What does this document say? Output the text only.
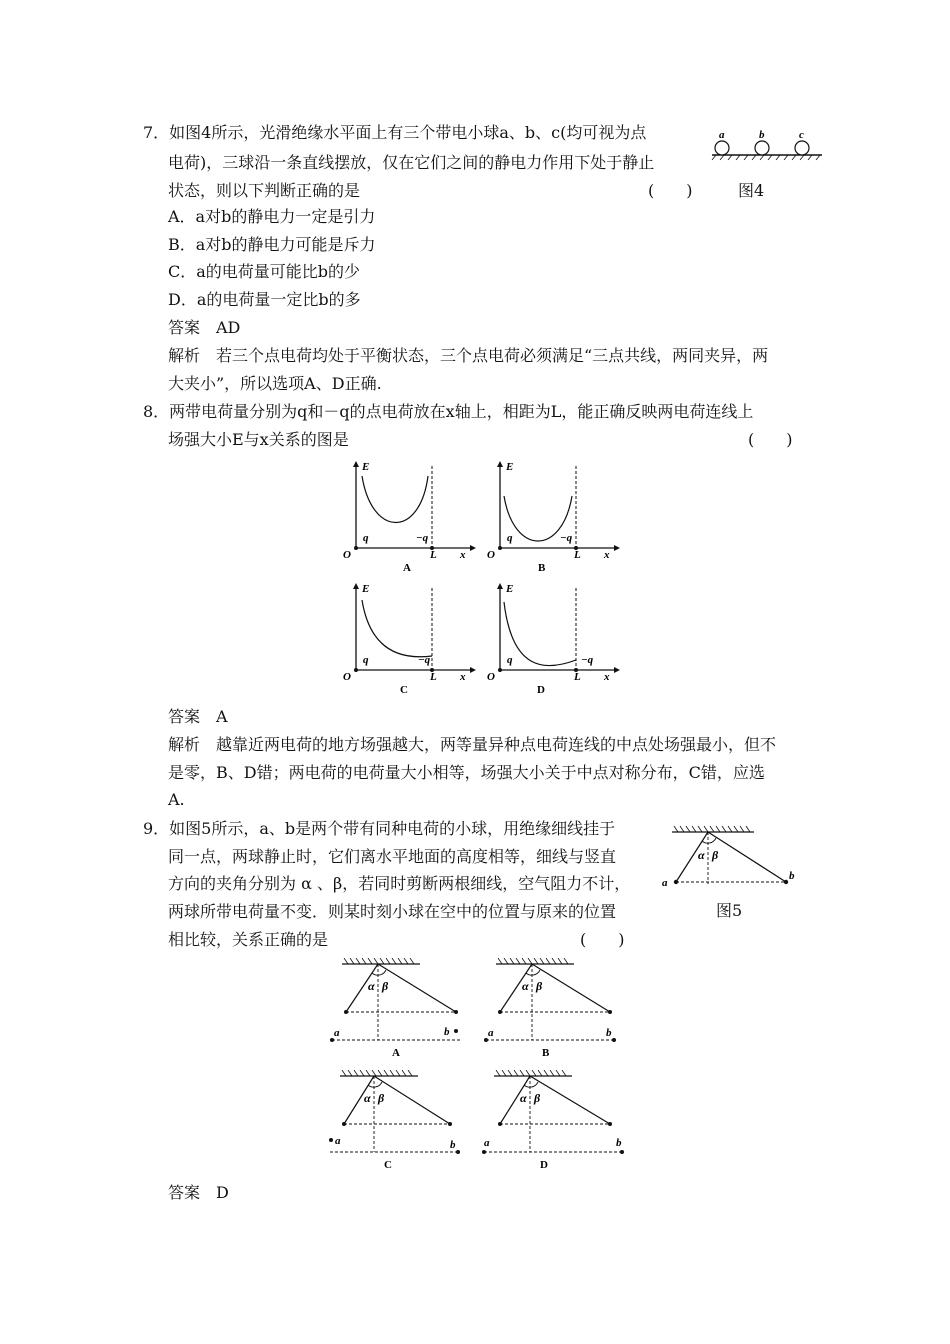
7．如图4所示，光滑绝缘水平面上有三个带电小球a、b、c(均可视为点
电荷)，三球沿一条直线摆放，仅在它们之间的静电力作用下处于静止
状态，则以下判断正确的是	(　　)	图4
a	b	c
A．a对b的静电力一定是引力
B．a对b的静电力可能是斥力
C．a的电荷量可能比b的少
D．a的电荷量一定比b的多
答案　AD
解析　若三个点电荷均处于平衡状态，三个点电荷必须满足“三点共线，两同夹异，两
大夹小”，所以选项A、D正确.
8．两带电荷量分别为q和－q的点电荷放在x轴上，相距为L，能正确反映两电荷连线上
场强大小E与x关系的图是	(　　)
E
O
q	−q
L x
A
E
O
q	−q
L x
B
E
O
q	−q
L x
C
E
O
q	−q
L x
D
答案　A
解析　越靠近两电荷的地方场强越大，两等量异种点电荷连线的中点处场强最小，但不
是零，B、D错；两电荷的电荷量大小相等，场强大小关于中点对称分布，C错，应选
A.
9．如图5所示，a、b是两个带有同种电荷的小球，用绝缘细线挂于
同一点，两球静止时，它们离水平地面的高度相等，细线与竖直
方向的夹角分别为 α 、β，若同时剪断两根细线，空气阻力不计，
两球所带电荷量不变．则某时刻小球在空中的位置与原来的位置
相比较，关系正确的是	(　　)
α β
a
b
图5
α β
a	b
A
α β
a	b
B
α β
a	b
C
α β
a	b
D
答案　D
